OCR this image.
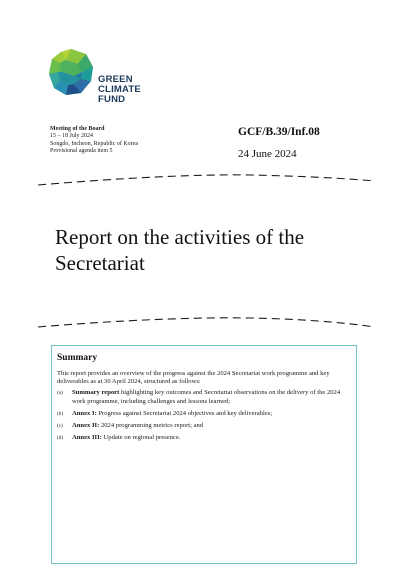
GREEN
CLIMATE
FUND
Meeting of the Board
15 – 18 July 2024
Songdo, Incheon, Republic of Korea
Provisional agenda item 5
GCF/B.39/Inf.08
24 June 2024
Report on the activities of the Secretariat
Summary

This report provides an overview of the progress against the 2024 Secretariat work programme and key deliverables as at 30 April 2024, structured as follows:

(a)	Summary report highlighting key outcomes and Secretariat observations on the delivery of the 2024 work programme, including challenges and lessons learned;
(b)	Annex I: Progress against Secretariat 2024 objectives and key deliverables;
(c)	Annex II: 2024 programming metrics report; and
(d)	Annex III: Update on regional presence.
